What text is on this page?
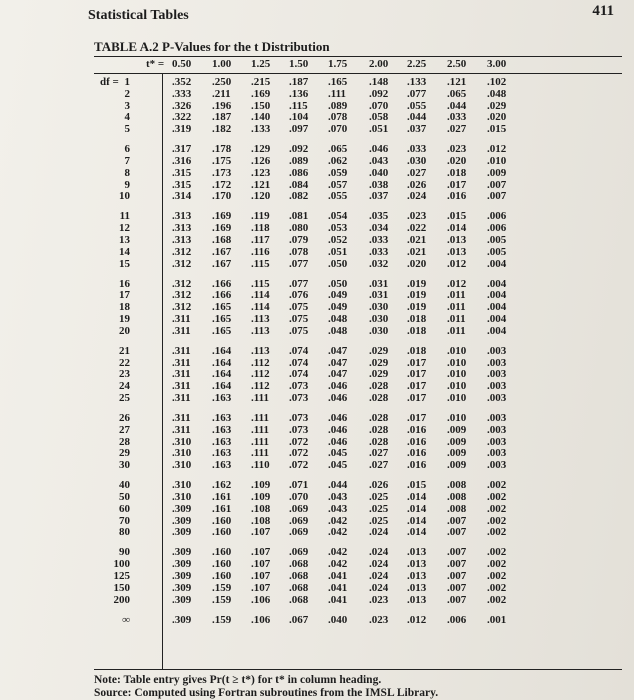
Statistical Tables	411
TABLE A.2 P-Values for the t Distribution
t* = 0.50 1.00 1.25 1.50 1.75 2.00 2.25 2.50 3.00
df = 1	.352 .250 .215 .187 .165 .148 .133 .121 .102
2	.333 .211 .169 .136 .111 .092 .077 .065 .048
3	.326 .196 .150 .115 .089 .070 .055 .044 .029
4	.322 .187 .140 .104 .078 .058 .044 .033 .020
5	.319 .182 .133 .097 .070 .051 .037 .027 .015
6	.317 .178 .129 .092 .065 .046 .033 .023 .012
7	.316 .175 .126 .089 .062 .043 .030 .020 .010
8	.315 .173 .123 .086 .059 .040 .027 .018 .009
9	.315 .172 .121 .084 .057 .038 .026 .017 .007
10	.314 .170 .120 .082 .055 .037 .024 .016 .007
11	.313 .169 .119 .081 .054 .035 .023 .015 .006
12	.313 .169 .118 .080 .053 .034 .022 .014 .006
13	.313 .168 .117 .079 .052 .033 .021 .013 .005
14	.312 .167 .116 .078 .051 .033 .021 .013 .005
15	.312 .167 .115 .077 .050 .032 .020 .012 .004
16	.312 .166 .115 .077 .050 .031 .019 .012 .004
17	.312 .166 .114 .076 .049 .031 .019 .011 .004
18	.312 .165 .114 .075 .049 .030 .019 .011 .004
19	.311 .165 .113 .075 .048 .030 .018 .011 .004
20	.311 .165 .113 .075 .048 .030 .018 .011 .004
21	.311 .164 .113 .074 .047 .029 .018 .010 .003
22	.311 .164 .112 .074 .047 .029 .017 .010 .003
23	.311 .164 .112 .074 .047 .029 .017 .010 .003
24	.311 .164 .112 .073 .046 .028 .017 .010 .003
25	.311 .163 .111 .073 .046 .028 .017 .010 .003
26	.311 .163 .111 .073 .046 .028 .017 .010 .003
27	.311 .163 .111 .073 .046 .028 .016 .009 .003
28	.310 .163 .111 .072 .046 .028 .016 .009 .003
29	.310 .163 .111 .072 .045 .027 .016 .009 .003
30	.310 .163 .110 .072 .045 .027 .016 .009 .003
40	.310 .162 .109 .071 .044 .026 .015 .008 .002
50	.310 .161 .109 .070 .043 .025 .014 .008 .002
60	.309 .161 .108 .069 .043 .025 .014 .008 .002
70	.309 .160 .108 .069 .042 .025 .014 .007 .002
80	.309 .160 .107 .069 .042 .024 .014 .007 .002
90	.309 .160 .107 .069 .042 .024 .013 .007 .002
100	.309 .160 .107 .068 .042 .024 .013 .007 .002
125	.309 .160 .107 .068 .041 .024 .013 .007 .002
150	.309 .159 .107 .068 .041 .024 .013 .007 .002
200	.309 .159 .106 .068 .041 .023 .013 .007 .002
∞	.309 .159 .106 .067 .040 .023 .012 .006 .001
Note: Table entry gives Pr(t ≥ t*) for t* in column heading.
Source: Computed using Fortran subroutines from the IMSL Library.
